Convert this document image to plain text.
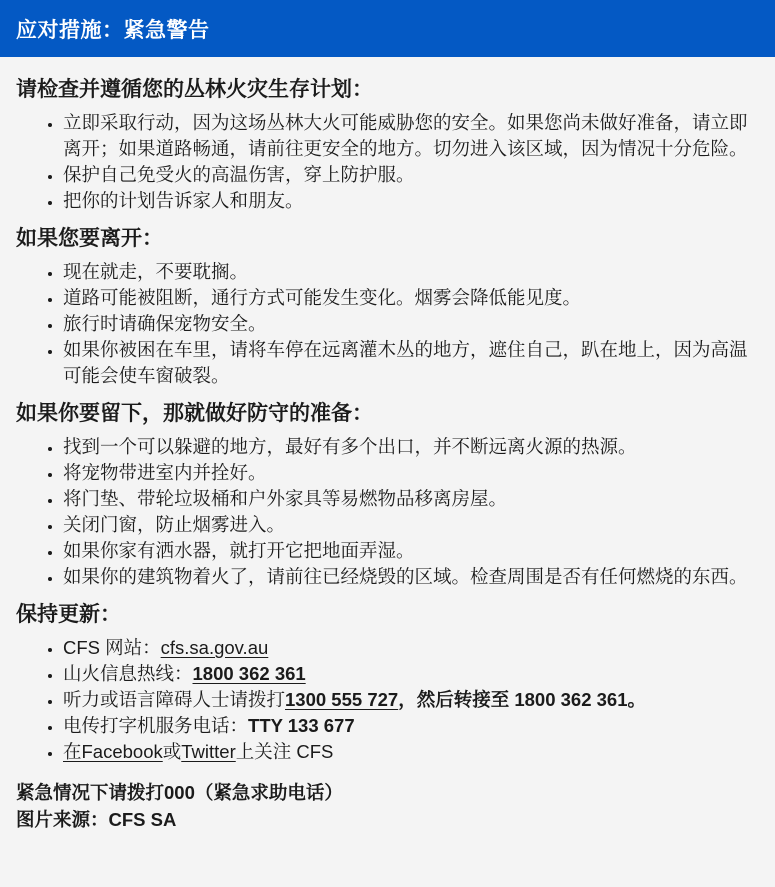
应对措施：紧急警告
请检查并遵循您的丛林火灾生存计划：
• 立即采取行动，因为这场丛林大火可能威胁您的安全。如果您尚未做好准备，请立即离开；如果道路畅通，请前往更安全的地方。切勿进入该区域，因为情况十分危险。
• 保护自己免受火的高温伤害，穿上防护服。
• 把你的计划告诉家人和朋友。
如果您要离开：
• 现在就走，不要耽搁。
• 道路可能被阻断，通行方式可能发生变化。烟雾会降低能见度。
• 旅行时请确保宠物安全。
• 如果你被困在车里，请将车停在远离灌木丛的地方，遮住自己，趴在地上，因为高温可能会使车窗破裂。
如果你要留下，那就做好防守的准备：
• 找到一个可以躲避的地方，最好有多个出口，并不断远离火源的热源。
• 将宠物带进室内并拴好。
• 将门垫、带轮垃圾桶和户外家具等易燃物品移离房屋。
• 关闭门窗，防止烟雾进入。
• 如果你家有洒水器，就打开它把地面弄湿。
• 如果你的建筑物着火了，请前往已经烧毁的区域。检查周围是否有任何燃烧的东西。
保持更新：
• CFS 网站：cfs.sa.gov.au
• 山火信息热线：1800 362 361
• 听力或语言障碍人士请拨打1300 555 727，然后转接至 1800 362 361。
• 电传打字机服务电话：TTY 133 677
• 在Facebook或Twitter上关注 CFS
紧急情况下请拨打000（紧急求助电话）
图片来源：CFS SA
